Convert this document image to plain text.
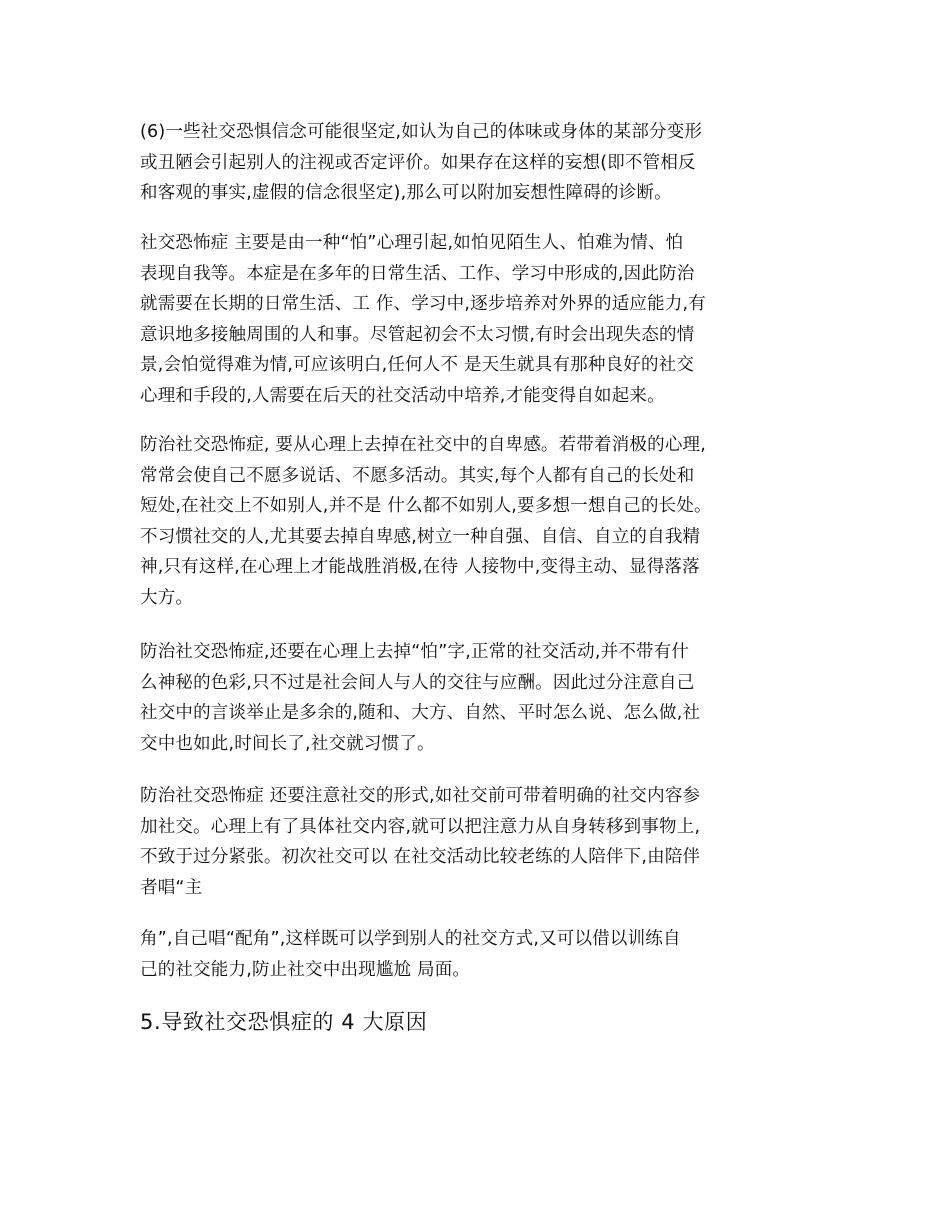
(6)一些社交恐惧信念可能很坚定,如认为自己的体味或身体的某部分变形
或丑陋会引起别人的注视或否定评价。如果存在这样的妄想(即不管相反
和客观的事实,虚假的信念很坚定),那么可以附加妄想性障碍的诊断。

社交恐怖症 主要是由一种“怕”心理引起,如怕见陌生人、怕难为情、怕
表现自我等。本症是在多年的日常生活、工作、学习中形成的,因此防治
就需要在长期的日常生活、工 作、学习中,逐步培养对外界的适应能力,有
意识地多接触周围的人和事。尽管起初会不太习惯,有时会出现失态的情
景,会怕觉得难为情,可应该明白,任何人不 是天生就具有那种良好的社交
心理和手段的,人需要在后天的社交活动中培养,才能变得自如起来。

防治社交恐怖症, 要从心理上去掉在社交中的自卑感。若带着消极的心理,
常常会使自己不愿多说话、不愿多活动。其实,每个人都有自己的长处和
短处,在社交上不如别人,并不是 什么都不如别人,要多想一想自己的长处。
不习惯社交的人,尤其要去掉自卑感,树立一种自强、自信、自立的自我精
神,只有这样,在心理上才能战胜消极,在待 人接物中,变得主动、显得落落
大方。

防治社交恐怖症,还要在心理上去掉“怕”字,正常的社交活动,并不带有什
么神秘的色彩,只不过是社会间人与人的交往与应酬。因此过分注意自己
社交中的言谈举止是多余的,随和、大方、自然、平时怎么说、怎么做,社
交中也如此,时间长了,社交就习惯了。

防治社交恐怖症 还要注意社交的形式,如社交前可带着明确的社交内容参
加社交。心理上有了具体社交内容,就可以把注意力从自身转移到事物上,
不致于过分紧张。初次社交可以 在社交活动比较老练的人陪伴下,由陪伴
者唱“主

角”,自己唱“配角”,这样既可以学到别人的社交方式,又可以借以训练自
己的社交能力,防止社交中出现尴尬 局面。

5.导致社交恐惧症的 4 大原因
